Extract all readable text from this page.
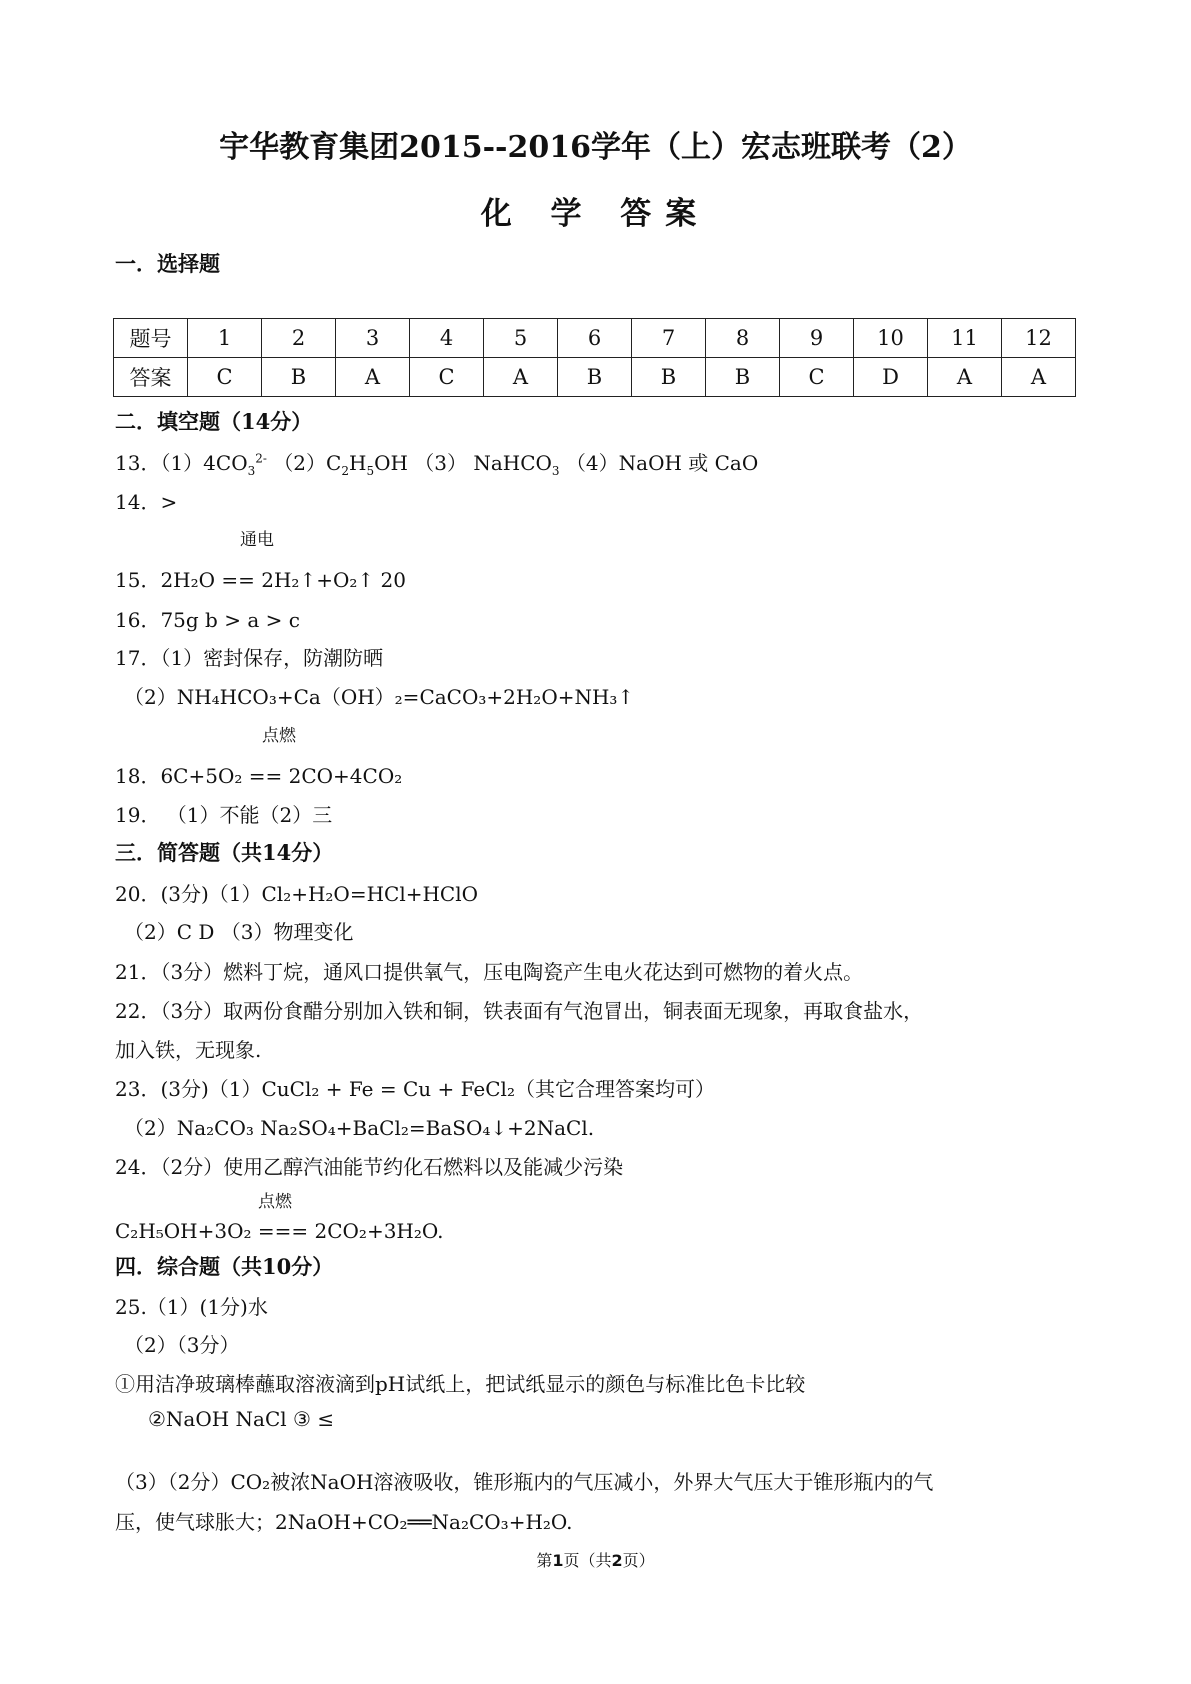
宇华教育集团2015--2016学年（上）宏志班联考（2）
化 学 答案
一．选择题
题号	1	2	3	4	5	6	7	8	9	10	11	12
答案	C	B	A	C	A	B	B	B	C	D	A	A
二．填空题（14分）
13．$(1)4CO_3^{2-}$ $(2)C_2H_5OH$ （3） NaHCO$_3$ （4）NaOH 或 CaO
14．>
通电
15．2H₂O == 2H₂↑+O₂↑ 20
16．75g b > a > c
17．（1）密封保存，防潮防晒
（2）NH₄HCO₃+Ca（OH）₂=CaCO₃+2H₂O+NH₃↑
点燃
18．6C+5O₂ == 2CO+4CO₂
19． （1）不能（2）三
三．简答题（共14分）
20．(3分)（1）Cl₂+H₂O=HCl+HClO
（2）C D （3）物理变化
21．（3分）燃料丁烷，通风口提供氧气，压电陶瓷产生电火花达到可燃物的着火点。
22．（3分）取两份食醋分别加入铁和铜，铁表面有气泡冒出，铜表面无现象，再取食盐水，
加入铁，无现象.
23．(3分)（1）CuCl₂ + Fe = Cu + FeCl₂（其它合理答案均可）
（2）Na₂CO₃ Na₂SO₄+BaCl₂=BaSO₄↓+2NaCl.
24．（2分）使用乙醇汽油能节约化石燃料以及能减少污染
点燃
C₂H₅OH+3O₂ === 2CO₂+3H₂O.
四．综合题（共10分）
25.（1）(1分)水
（2）（3分）
①用洁净玻璃棒蘸取溶液滴到pH试纸上，把试纸显示的颜色与标准比色卡比较
②NaOH NaCl ③ ≤
（3）（2分）CO₂被浓NaOH溶液吸收，锥形瓶内的气压减小，外界大气压大于锥形瓶内的气
压，使气球胀大；2NaOH+CO₂══Na₂CO₃+H₂O.
第1页（共2页）
